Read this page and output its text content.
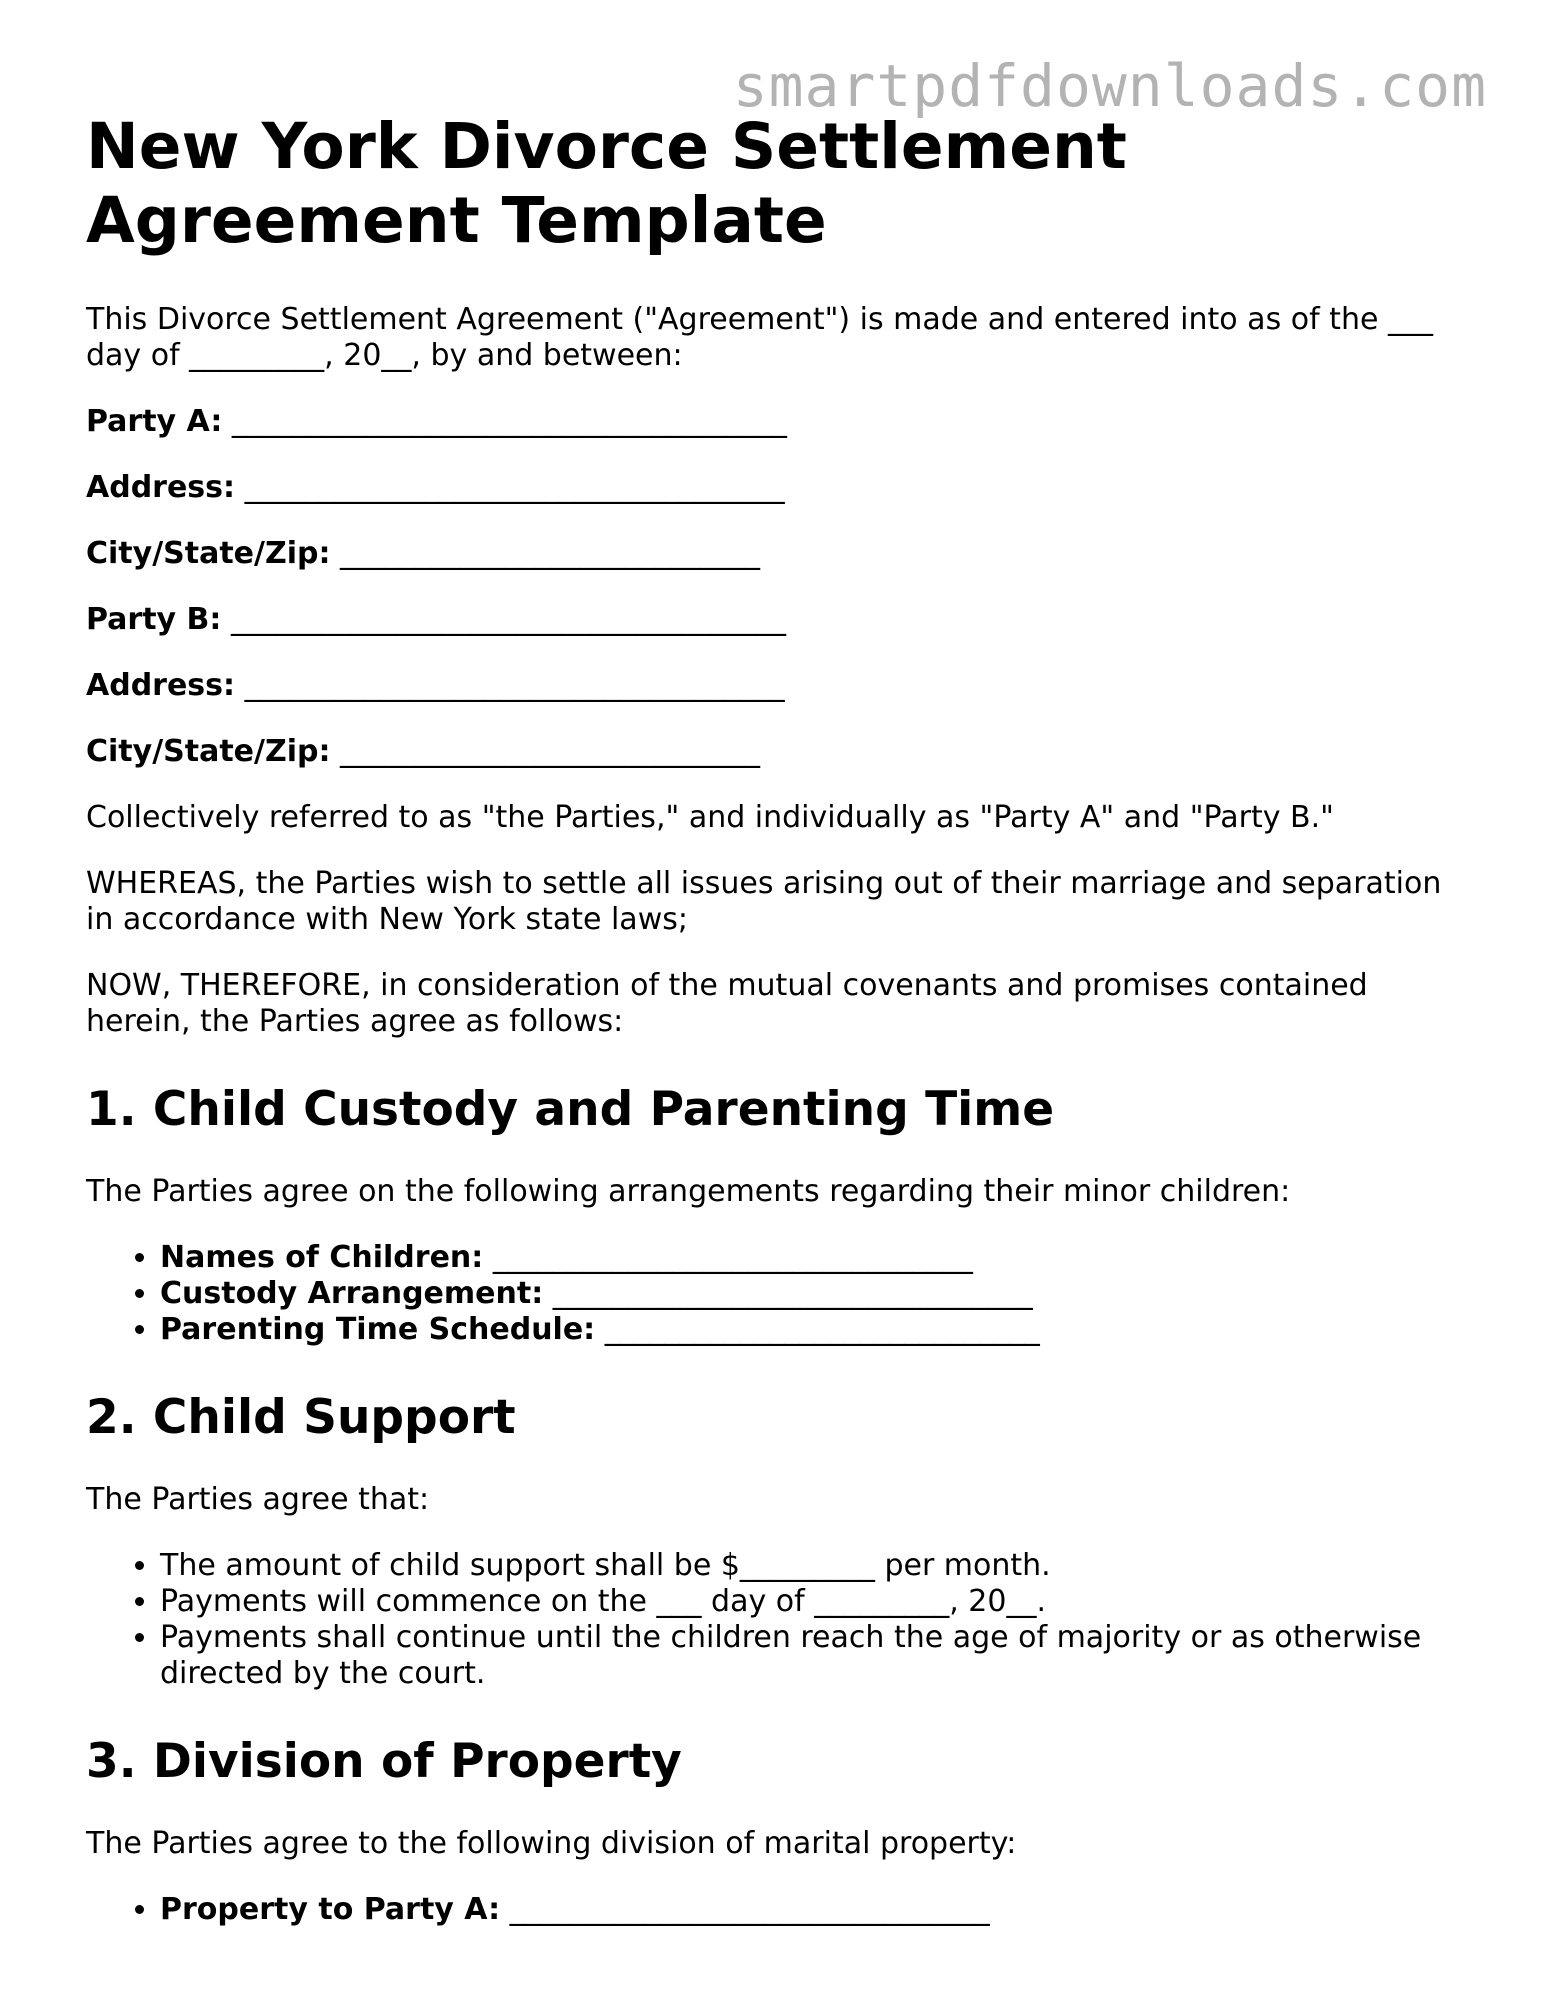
smartpdfdownloads.com
New York Divorce Settlement Agreement Template

This Divorce Settlement Agreement ("Agreement") is made and entered into as of the ___ day of _________, 20__, by and between:

Party A: _____________________________________
Address: ____________________________________
City/State/Zip: ____________________________
Party B: _____________________________________
Address: ____________________________________
City/State/Zip: ____________________________

Collectively referred to as "the Parties," and individually as "Party A" and "Party B."

WHEREAS, the Parties wish to settle all issues arising out of their marriage and separation in accordance with New York state laws;

NOW, THEREFORE, in consideration of the mutual covenants and promises contained herein, the Parties agree as follows:

1. Child Custody and Parenting Time

The Parties agree on the following arrangements regarding their minor children:

• Names of Children: ________________________________
• Custody Arrangement: ________________________________
• Parenting Time Schedule: _____________________________
2. Child Support

The Parties agree that:

• The amount of child support shall be $_________ per month.
• Payments will commence on the ___ day of _________, 20__.
• Payments shall continue until the children reach the age of majority or as otherwise directed by the court.
3. Division of Property

The Parties agree to the following division of marital property:

• Property to Party A: ________________________________
